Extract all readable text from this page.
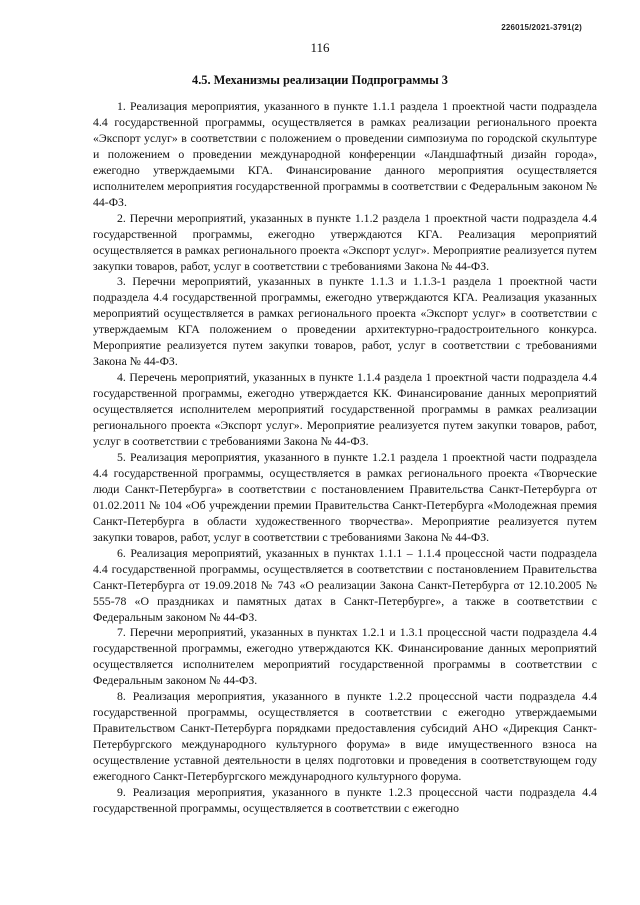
226015/2021-3791(2)
116
4.5. Механизмы реализации Подпрограммы 3

1. Реализация мероприятия, указанного в пункте 1.1.1 раздела 1 проектной части подраздела 4.4 государственной программы, осуществляется в рамках реализации регионального проекта «Экспорт услуг» в соответствии с положением о проведении симпозиума по городской скульптуре и положением о проведении международной конференции «Ландшафтный дизайн города», ежегодно утверждаемыми КГА. Финансирование данного мероприятия осуществляется исполнителем мероприятия государственной программы в соответствии с Федеральным законом № 44-ФЗ.

2. Перечни мероприятий, указанных в пункте 1.1.2 раздела 1 проектной части подраздела 4.4 государственной программы, ежегодно утверждаются КГА. Реализация мероприятий осуществляется в рамках регионального проекта «Экспорт услуг». Мероприятие реализуется путем закупки товаров, работ, услуг в соответствии с требованиями Закона № 44-ФЗ.

3. Перечни мероприятий, указанных в пункте 1.1.3 и 1.1.3-1 раздела 1 проектной части подраздела 4.4 государственной программы, ежегодно утверждаются КГА. Реализация указанных мероприятий осуществляется в рамках регионального проекта «Экспорт услуг» в соответствии с утверждаемым КГА положением о проведении архитектурно-градостроительного конкурса. Мероприятие реализуется путем закупки товаров, работ, услуг в соответствии с требованиями Закона № 44-ФЗ.

4. Перечень мероприятий, указанных в пункте 1.1.4 раздела 1 проектной части подраздела 4.4 государственной программы, ежегодно утверждается КК. Финансирование данных мероприятий осуществляется исполнителем мероприятий государственной программы в рамках реализации регионального проекта «Экспорт услуг». Мероприятие реализуется путем закупки товаров, работ, услуг в соответствии с требованиями Закона № 44-ФЗ.

5. Реализация мероприятия, указанного в пункте 1.2.1 раздела 1 проектной части подраздела 4.4 государственной программы, осуществляется в рамках регионального проекта «Творческие люди Санкт-Петербурга» в соответствии с постановлением Правительства Санкт-Петербурга от 01.02.2011 № 104 «Об учреждении премии Правительства Санкт-Петербурга «Молодежная премия Санкт-Петербурга в области художественного творчества». Мероприятие реализуется путем закупки товаров, работ, услуг в соответствии с требованиями Закона № 44-ФЗ.

6. Реализация мероприятий, указанных в пунктах 1.1.1 – 1.1.4 процессной части подраздела 4.4 государственной программы, осуществляется в соответствии с постановлением Правительства Санкт-Петербурга от 19.09.2018 № 743 «О реализации Закона Санкт-Петербурга от 12.10.2005 № 555-78 «О праздниках и памятных датах в Санкт-Петербурге», а также в соответствии с Федеральным законом № 44-ФЗ.

7. Перечни мероприятий, указанных в пунктах 1.2.1 и 1.3.1 процессной части подраздела 4.4 государственной программы, ежегодно утверждаются КК. Финансирование данных мероприятий осуществляется исполнителем мероприятий государственной программы в соответствии с Федеральным законом № 44-ФЗ.

8. Реализация мероприятия, указанного в пункте 1.2.2 процессной части подраздела 4.4 государственной программы, осуществляется в соответствии с ежегодно утверждаемыми Правительством Санкт-Петербурга порядками предоставления субсидий АНО «Дирекция Санкт-Петербургского международного культурного форума» в виде имущественного взноса на осуществление уставной деятельности в целях подготовки и проведения в соответствующем году ежегодного Санкт-Петербургского международного культурного форума.

9. Реализация мероприятия, указанного в пункте 1.2.3 процессной части подраздела 4.4 государственной программы, осуществляется в соответствии с ежегодно
